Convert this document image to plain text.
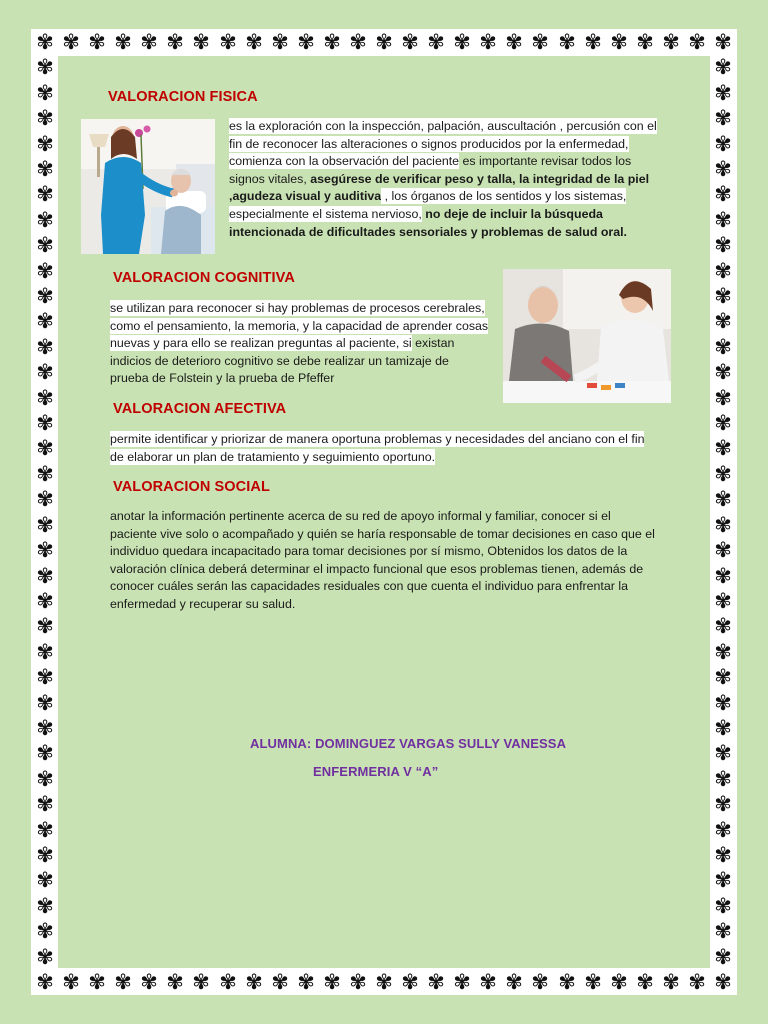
✾
✾
✾
✾
✾
✾
✾
✾
✾
✾
✾
✾
✾
✾
✾
✾
✾
✾
✾
✾
✾
✾
✾
✾
✾
✾
✾
✾
✾
✾
✾
✾
✾
✾
✾
✾
✾
✾
✾
✾
✾
✾
✾
✾
✾
✾
✾
✾
✾
✾
✾
✾
✾
✾
✾	✾
✾	✾
✾	✾
✾	✾
✾	✾
✾	✾
✾	✾
✾	✾
✾	✾
✾	✾
✾	✾
✾	✾
✾	✾
✾	✾
✾	✾
✾	✾
✾	✾
✾	✾
✾	✾
✾	✾
✾	✾
✾	✾
✾	✾
✾	✾
✾	✾
✾	✾
✾	✾
✾	✾
✾	✾
✾	✾
✾	✾
✾	✾
✾	✾
✾	✾
✾	✾
✾	✾
VALORACION FISICA

es la exploración con la inspección, palpación, auscultación , percusión con el fin de reconocer las alteraciones o signos producidos por la enfermedad, comienza con la observación del paciente es importante revisar todos los signos vitales, asegúrese de verificar peso y talla, la integridad de la piel ,agudeza visual y auditiva , los órganos de los sentidos y los sistemas, especialmente el sistema nervioso, no deje de incluir la búsqueda intencionada de dificultades sensoriales y problemas de salud oral.

VALORACION COGNITIVA

se utilizan para reconocer si hay problemas de procesos cerebrales, como el pensamiento, la memoria, y la capacidad de aprender cosas nuevas y para ello se realizan preguntas al paciente, si existan indicios de deterioro cognitivo se debe realizar un tamizaje de prueba de Folstein y la prueba de Pfeffer

VALORACION AFECTIVA

permite identificar y priorizar de manera oportuna problemas y necesidades del anciano con el fin de elaborar un plan de tratamiento y seguimiento oportuno.

VALORACION SOCIAL

anotar la información pertinente acerca de su red de apoyo informal y familiar, conocer si el paciente vive solo o acompañado y quién se haría responsable de tomar decisiones en caso que el individuo quedara incapacitado para tomar decisiones por sí mismo, Obtenidos los datos de la valoración clínica deberá determinar el impacto funcional que esos problemas tienen, además de conocer cuáles serán las capacidades residuales con que cuenta el individuo para enfrentar la enfermedad y recuperar su salud.

ALUMNA: DOMINGUEZ VARGAS SULLY VANESSA

ENFERMERIA V “A”
